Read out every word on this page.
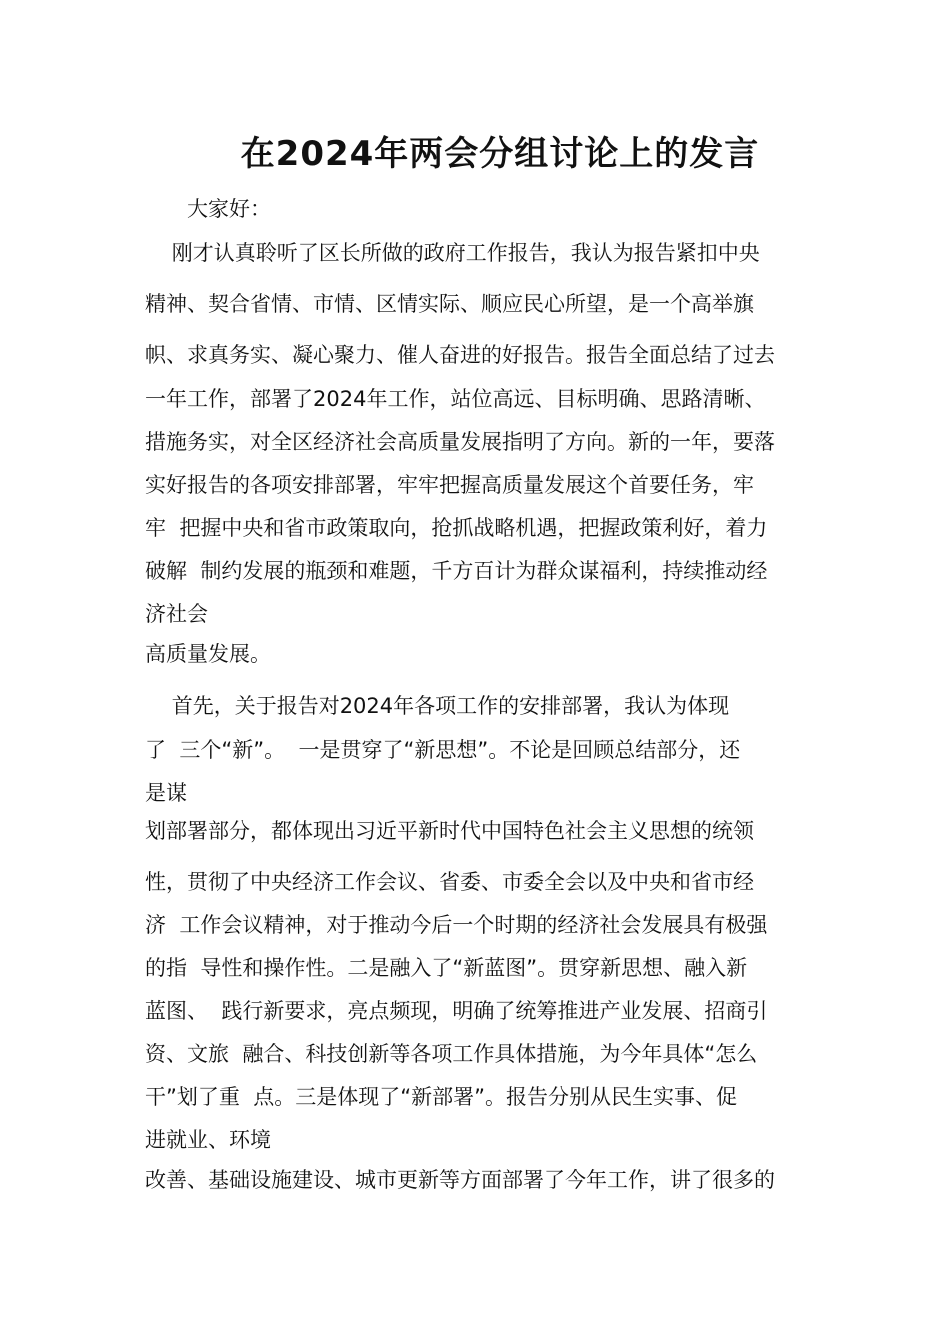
在2024年两会分组讨论上的发言
大家好：
刚才认真聆听了区长所做的政府工作报告，我认为报告紧扣中央
精神、契合省情、市情、区情实际、顺应民心所望，是一个高举旗
帜、求真务实、凝心聚力、催人奋进的好报告。报告全面总结了过去
一年工作，部署了2024年工作，站位高远、目标明确、思路清晰、
措施务实，对全区经济社会高质量发展指明了方向。新的一年，要落
实好报告的各项安排部署，牢牢把握高质量发展这个首要任务，牢
牢  把握中央和省市政策取向，抢抓战略机遇，把握政策利好，着力
破解  制约发展的瓶颈和难题，千方百计为群众谋福利，持续推动经
济社会
高质量发展。
首先，关于报告对2024年各项工作的安排部署，我认为体现
了  三个“新”。  一是贯穿了“新思想”。不论是回顾总结部分，还
是谋
划部署部分，都体现出习近平新时代中国特色社会主义思想的统领
性，贯彻了中央经济工作会议、省委、市委全会以及中央和省市经
济  工作会议精神，对于推动今后一个时期的经济社会发展具有极强
的指  导性和操作性。二是融入了“新蓝图”。贯穿新思想、融入新
蓝图、  践行新要求，亮点频现，明确了统筹推进产业发展、招商引
资、文旅  融合、科技创新等各项工作具体措施，为今年具体“怎么
干”划了重  点。三是体现了“新部署”。报告分别从民生实事、促
进就业、环境
改善、基础设施建设、城市更新等方面部署了今年工作，讲了很多的
